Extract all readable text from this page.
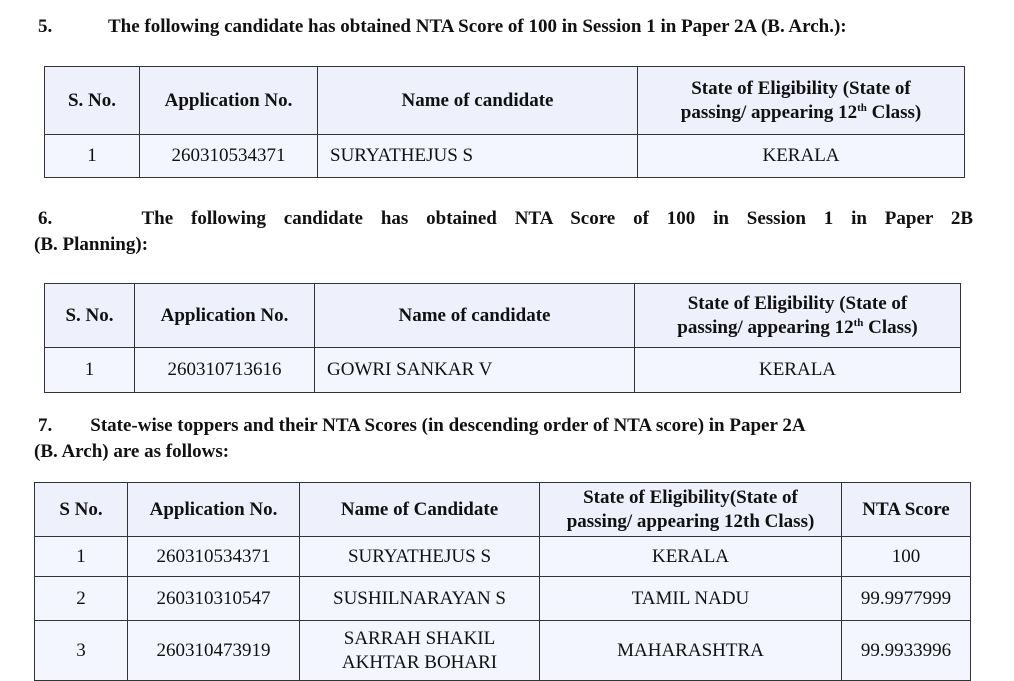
5.	The following candidate has obtained NTA Score of 100 in Session 1 in Paper 2A (B. Arch.):
S. No.	Application No.	Name of candidate	State of Eligibility (State of
passing/ appearing 12th Class)
1	260310534371	SURYATHEJUS S	KERALA
6.	The following candidate has obtained NTA Score of 100 in Session 1 in Paper 2B
(B. Planning):
S. No.	Application No.	Name of candidate	State of Eligibility (State of
passing/ appearing 12th Class)
1	260310713616	GOWRI SANKAR V	KERALA
7. State-wise toppers and their NTA Scores (in descending order of NTA score) in Paper 2A
(B. Arch) are as follows:
S No.	Application No.	Name of Candidate	State of Eligibility(State of
passing/ appearing 12th Class)	NTA Score
1	260310534371	SURYATHEJUS S	KERALA	100
2	260310310547	SUSHILNARAYAN S	TAMIL NADU	99.9977999
3	260310473919	SARRAH SHAKIL
AKHTAR BOHARI	MAHARASHTRA	99.9933996
